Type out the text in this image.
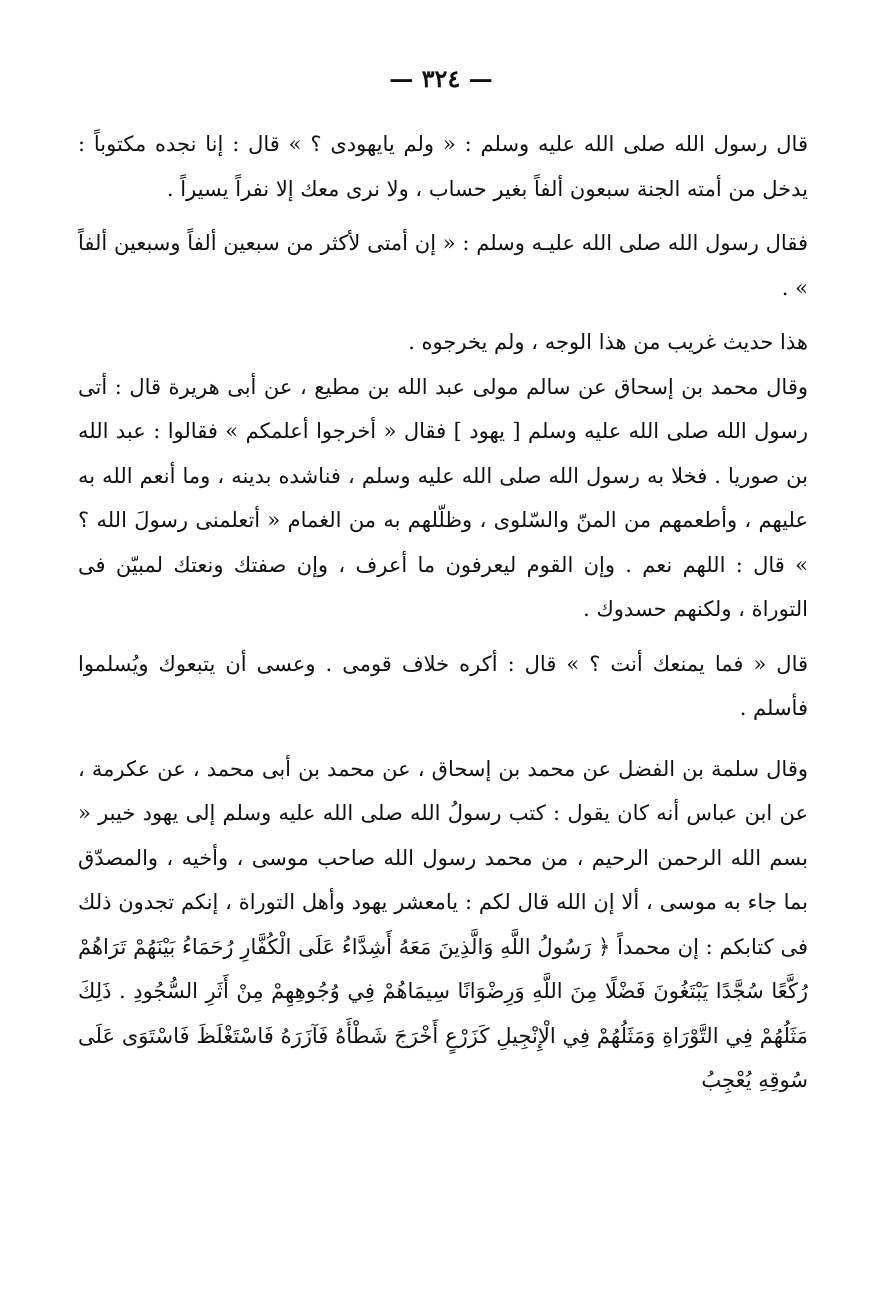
— ٣٢٤ —

قال رسول الله صلى الله عليه وسلم : « ولم يايهودى ؟ » قال : إنا نجده مكتوباً : يدخل من أمته الجنة سبعون ألفاً بغير حساب ، ولا نرى معك إلا نفراً يسيراً .

فقال رسول الله صلى الله عليـه وسلم : « إن أمتى لأكثر من سبعين ألفاً وسبعين ألفاً » .

هذا حديث غريب من هذا الوجه ، ولم يخرجوه .

وقال محمد بن إسحاق عن سالم مولى عبد الله بن مطيع ، عن أبى هريرة قال : أتى رسول الله صلى الله عليه وسلم [ يهود ] فقال « أخرجوا أعلمكم » فقالوا : عبد الله بن صوريا . فخلا به رسول الله صلى الله عليه وسلم ، فناشده بدينه ، وما أنعم الله به عليهم ، وأطعمهم من المنّ والسّلوى ، وظلّلهم به من الغمام « أتعلمنى رسولَ الله ؟ » قال : اللهم نعم . وإن القوم ليعرفون ما أعرف ، وإن صفتك ونعتك لمبيّن فى التوراة ، ولكنهم حسدوك .

قال « فما يمنعك أنت ؟ » قال : أكره خلاف قومى . وعسى أن يتبعوك ويُسلموا فأسلم .

وقال سلمة بن الفضل عن محمد بن إسحاق ، عن محمد بن أبى محمد ، عن عكرمة ، عن ابن عباس أنه كان يقول : كتب رسولُ الله صلى الله عليه وسلم إلى يهود خيبر « بسم الله الرحمن الرحيم ، من محمد رسول الله صاحب موسى ، وأخيه ، والمصدّق بما جاء به موسى ، ألا إن الله قال لكم : يامعشر يهود وأهل التوراة ، إنكم تجدون ذلك فى كتابكم : إن محمداً ﴿ رَسُولُ اللَّهِ وَالَّذِينَ مَعَهُ أَشِدَّاءُ عَلَى الْكُفَّارِ رُحَمَاءُ بَيْنَهُمْ تَرَاهُمْ رُكَّعًا سُجَّدًا يَبْتَغُونَ فَضْلًا مِنَ اللَّهِ وَرِضْوَانًا سِيمَاهُمْ فِي وُجُوهِهِمْ مِنْ أَثَرِ السُّجُودِ . ذَلِكَ مَثَلُهُمْ فِي التَّوْرَاةِ وَمَثَلُهُمْ فِي الْإِنْجِيلِ كَزَرْعٍ أَخْرَجَ شَطْأَهُ فَآزَرَهُ فَاسْتَغْلَظَ فَاسْتَوَى عَلَى سُوقِهِ يُعْجِبُ
